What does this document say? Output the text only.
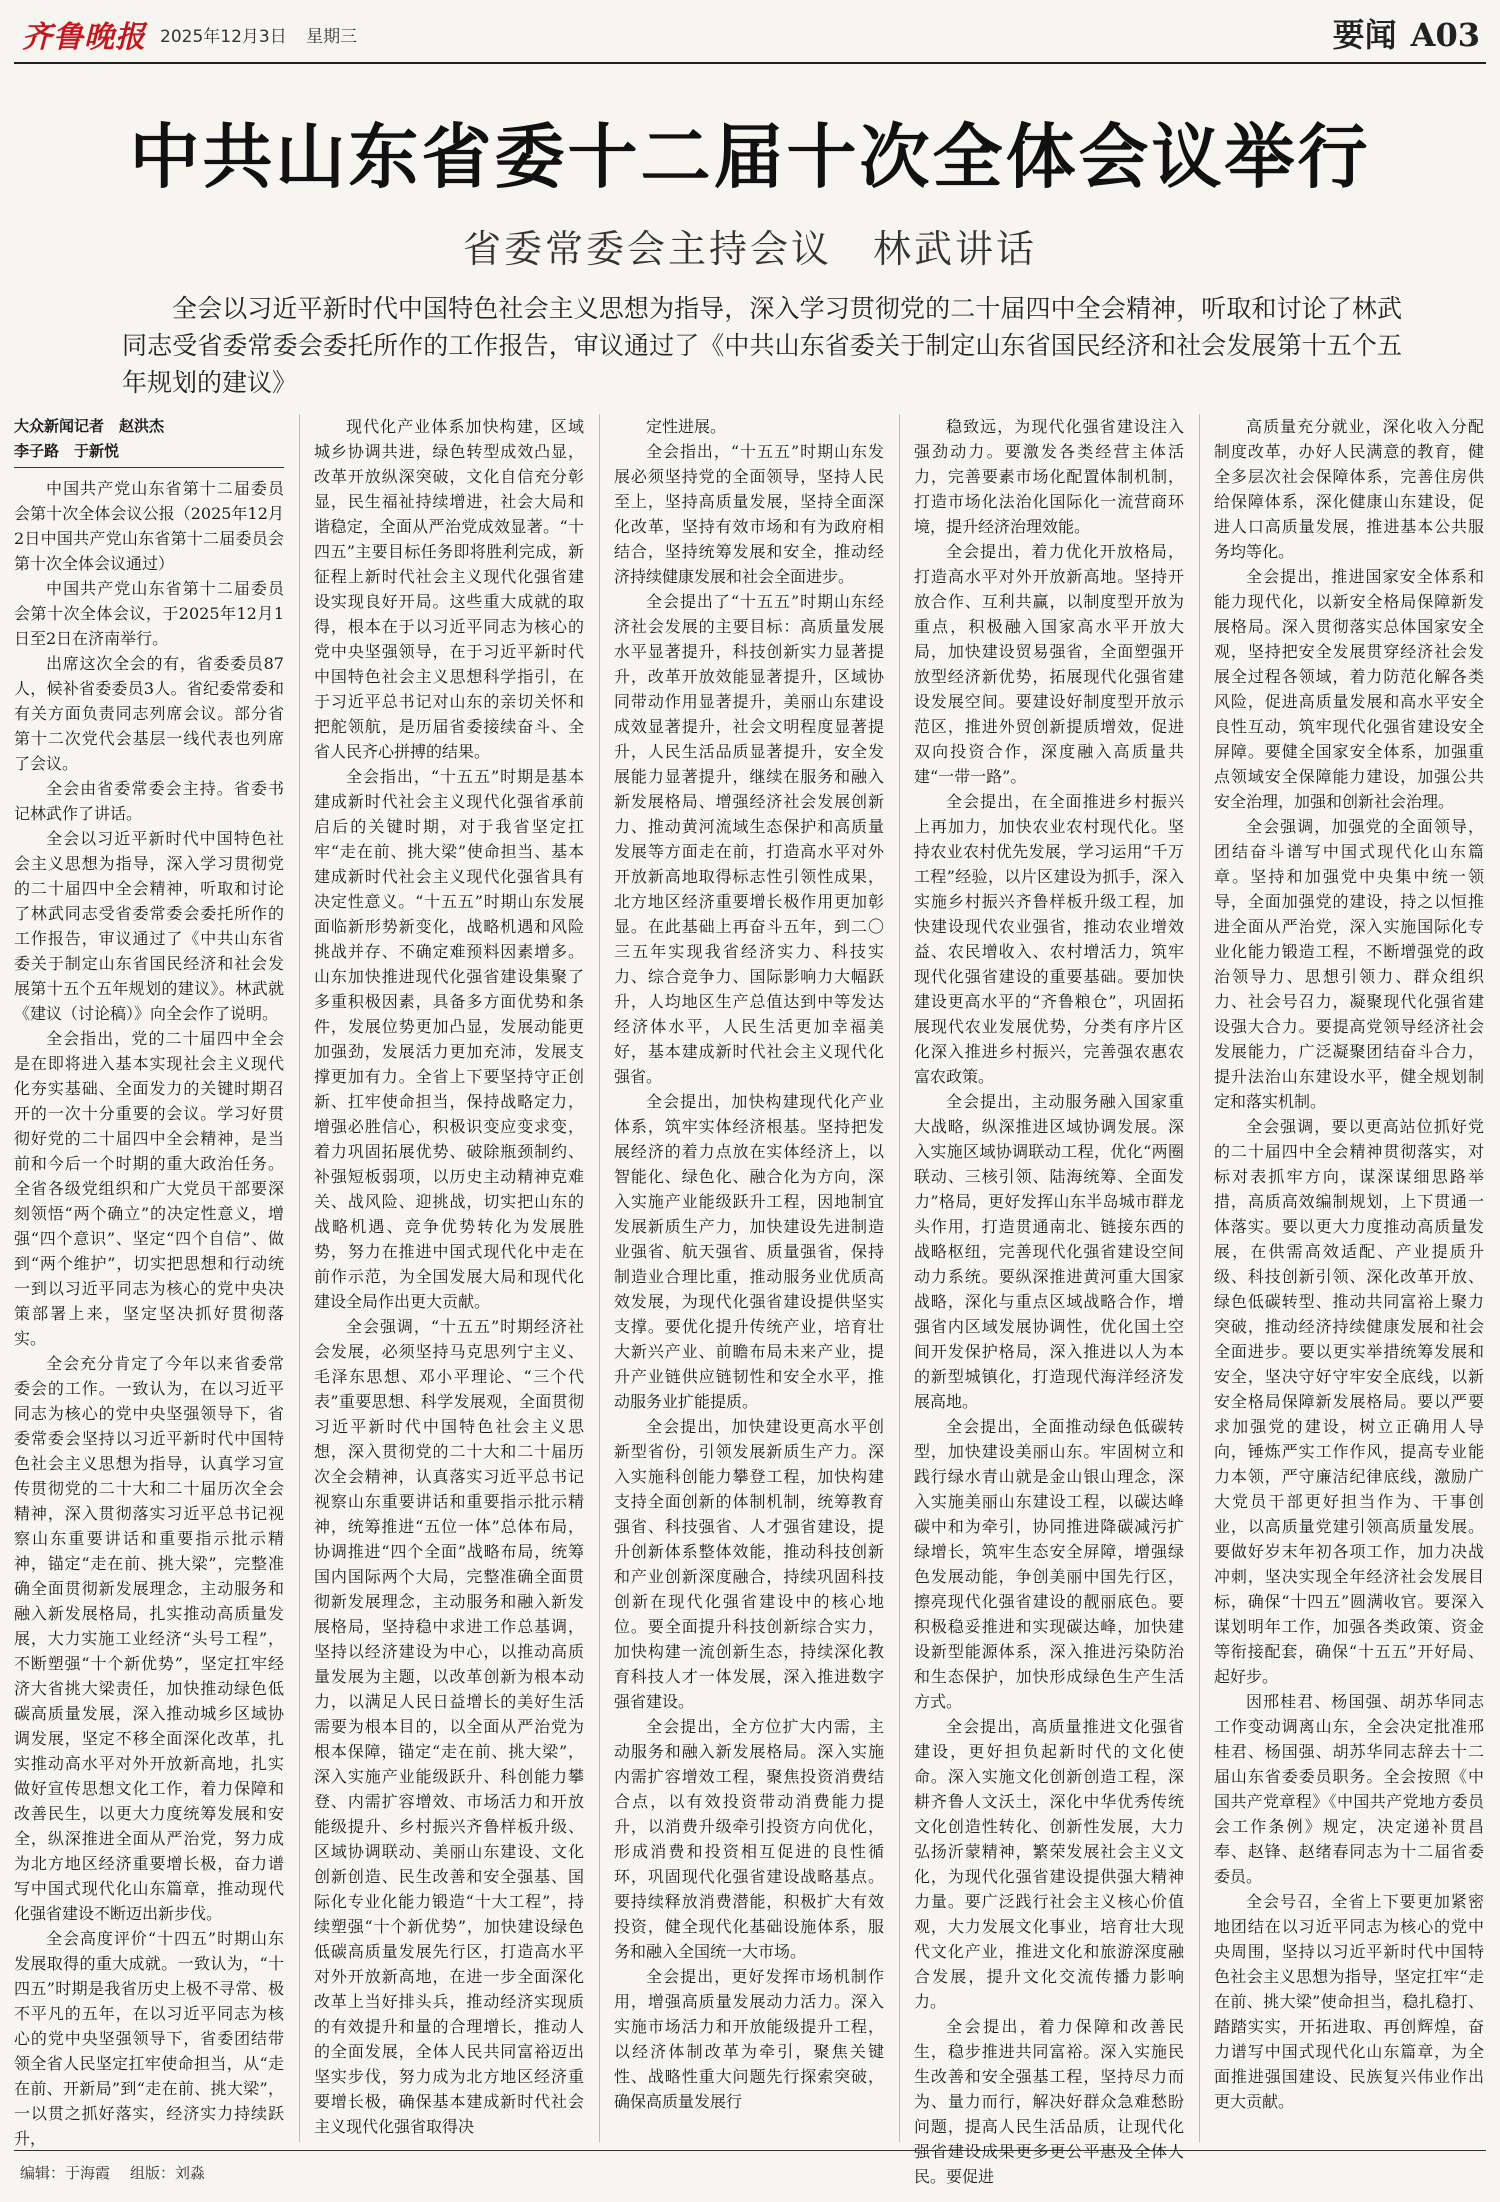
齐鲁晚报 2025年12月3日 星期三	要闻 A03
中共山东省委十二届十次全体会议举行
省委常委会主持会议　林武讲话
全会以习近平新时代中国特色社会主义思想为指导，深入学习贯彻党的二十届四中全会精神，听取和讨论了林武同志受省委常委会委托所作的工作报告，审议通过了《中共山东省委关于制定山东省国民经济和社会发展第十五个五年规划的建议》
大众新闻记者　赵洪杰
李子路　于新悦

中国共产党山东省第十二届委员会第十次全体会议公报（2025年12月2日中国共产党山东省第十二届委员会第十次全体会议通过）

中国共产党山东省第十二届委员会第十次全体会议，于2025年12月1日至2日在济南举行。

出席这次全会的有，省委委员87人，候补省委委员3人。省纪委常委和有关方面负责同志列席会议。部分省第十二次党代会基层一线代表也列席了会议。

全会由省委常委会主持。省委书记林武作了讲话。

全会以习近平新时代中国特色社会主义思想为指导，深入学习贯彻党的二十届四中全会精神，听取和讨论了林武同志受省委常委会委托所作的工作报告，审议通过了《中共山东省委关于制定山东省国民经济和社会发展第十五个五年规划的建议》。林武就《建议（讨论稿）》向全会作了说明。

全会指出，党的二十届四中全会是在即将进入基本实现社会主义现代化夯实基础、全面发力的关键时期召开的一次十分重要的会议。学习好贯彻好党的二十届四中全会精神，是当前和今后一个时期的重大政治任务。全省各级党组织和广大党员干部要深刻领悟“两个确立”的决定性意义，增强“四个意识”、坚定“四个自信”、做到“两个维护”，切实把思想和行动统一到以习近平同志为核心的党中央决策部署上来，坚定坚决抓好贯彻落实。

全会充分肯定了今年以来省委常委会的工作。一致认为，在以习近平同志为核心的党中央坚强领导下，省委常委会坚持以习近平新时代中国特色社会主义思想为指导，认真学习宣传贯彻党的二十大和二十届历次全会精神，深入贯彻落实习近平总书记视察山东重要讲话和重要指示批示精神，锚定“走在前、挑大梁”，完整准确全面贯彻新发展理念，主动服务和融入新发展格局，扎实推动高质量发展，大力实施工业经济“头号工程”，不断塑强“十个新优势”，坚定扛牢经济大省挑大梁责任，加快推动绿色低碳高质量发展，深入推动城乡区域协调发展，坚定不移全面深化改革，扎实推动高水平对外开放新高地，扎实做好宣传思想文化工作，着力保障和改善民生，以更大力度统筹发展和安全，纵深推进全面从严治党，努力成为北方地区经济重要增长极，奋力谱写中国式现代化山东篇章，推动现代化强省建设不断迈出新步伐。

全会高度评价“十四五”时期山东发展取得的重大成就。一致认为，“十四五”时期是我省历史上极不寻常、极不平凡的五年，在以习近平同志为核心的党中央坚强领导下，省委团结带领全省人民坚定扛牢使命担当，从“走在前、开新局”到“走在前、挑大梁”，一以贯之抓好落实，经济实力持续跃升，

现代化产业体系加快构建，区域城乡协调共进，绿色转型成效凸显，改革开放纵深突破，文化自信充分彰显，民生福祉持续增进，社会大局和谐稳定，全面从严治党成效显著。“十四五”主要目标任务即将胜利完成，新征程上新时代社会主义现代化强省建设实现良好开局。这些重大成就的取得，根本在于以习近平同志为核心的党中央坚强领导，在于习近平新时代中国特色社会主义思想科学指引，在于习近平总书记对山东的亲切关怀和把舵领航，是历届省委接续奋斗、全省人民齐心拼搏的结果。

全会指出，“十五五”时期是基本建成新时代社会主义现代化强省承前启后的关键时期，对于我省坚定扛牢“走在前、挑大梁”使命担当、基本建成新时代社会主义现代化强省具有决定性意义。“十五五”时期山东发展面临新形势新变化，战略机遇和风险挑战并存、不确定难预料因素增多。山东加快推进现代化强省建设集聚了多重积极因素，具备多方面优势和条件，发展位势更加凸显，发展动能更加强劲，发展活力更加充沛，发展支撑更加有力。全省上下要坚持守正创新、扛牢使命担当，保持战略定力，增强必胜信心，积极识变应变求变，着力巩固拓展优势、破除瓶颈制约、补强短板弱项，以历史主动精神克难关、战风险、迎挑战，切实把山东的战略机遇、竞争优势转化为发展胜势，努力在推进中国式现代化中走在前作示范，为全国发展大局和现代化建设全局作出更大贡献。

全会强调，“十五五”时期经济社会发展，必须坚持马克思列宁主义、毛泽东思想、邓小平理论、“三个代表”重要思想、科学发展观，全面贯彻习近平新时代中国特色社会主义思想，深入贯彻党的二十大和二十届历次全会精神，认真落实习近平总书记视察山东重要讲话和重要指示批示精神，统筹推进“五位一体”总体布局，协调推进“四个全面”战略布局，统筹国内国际两个大局，完整准确全面贯彻新发展理念，主动服务和融入新发展格局，坚持稳中求进工作总基调，坚持以经济建设为中心，以推动高质量发展为主题，以改革创新为根本动力，以满足人民日益增长的美好生活需要为根本目的，以全面从严治党为根本保障，锚定“走在前、挑大梁”，深入实施产业能级跃升、科创能力攀登、内需扩容增效、市场活力和开放能级提升、乡村振兴齐鲁样板升级、区域协调联动、美丽山东建设、文化创新创造、民生改善和安全强基、国际化专业化能力锻造“十大工程”，持续塑强“十个新优势”，加快建设绿色低碳高质量发展先行区，打造高水平对外开放新高地，在进一步全面深化改革上当好排头兵，推动经济实现质的有效提升和量的合理增长，推动人的全面发展，全体人民共同富裕迈出坚实步伐，努力成为北方地区经济重要增长极，确保基本建成新时代社会主义现代化强省取得决

定性进展。

全会指出，“十五五”时期山东发展必须坚持党的全面领导，坚持人民至上，坚持高质量发展，坚持全面深化改革，坚持有效市场和有为政府相结合，坚持统筹发展和安全，推动经济持续健康发展和社会全面进步。

全会提出了“十五五”时期山东经济社会发展的主要目标：高质量发展水平显著提升，科技创新实力显著提升，改革开放效能显著提升，区域协同带动作用显著提升，美丽山东建设成效显著提升，社会文明程度显著提升，人民生活品质显著提升，安全发展能力显著提升，继续在服务和融入新发展格局、增强经济社会发展创新力、推动黄河流域生态保护和高质量发展等方面走在前，打造高水平对外开放新高地取得标志性引领性成果，北方地区经济重要增长极作用更加彰显。在此基础上再奋斗五年，到二〇三五年实现我省经济实力、科技实力、综合竞争力、国际影响力大幅跃升，人均地区生产总值达到中等发达经济体水平，人民生活更加幸福美好，基本建成新时代社会主义现代化强省。

全会提出，加快构建现代化产业体系，筑牢实体经济根基。坚持把发展经济的着力点放在实体经济上，以智能化、绿色化、融合化为方向，深入实施产业能级跃升工程，因地制宜发展新质生产力，加快建设先进制造业强省、航天强省、质量强省，保持制造业合理比重，推动服务业优质高效发展，为现代化强省建设提供坚实支撑。要优化提升传统产业，培育壮大新兴产业、前瞻布局未来产业，提升产业链供应链韧性和安全水平，推动服务业扩能提质。

全会提出，加快建设更高水平创新型省份，引领发展新质生产力。深入实施科创能力攀登工程，加快构建支持全面创新的体制机制，统筹教育强省、科技强省、人才强省建设，提升创新体系整体效能，推动科技创新和产业创新深度融合，持续巩固科技创新在现代化强省建设中的核心地位。要全面提升科技创新综合实力，加快构建一流创新生态，持续深化教育科技人才一体发展，深入推进数字强省建设。

全会提出，全方位扩大内需，主动服务和融入新发展格局。深入实施内需扩容增效工程，聚焦投资消费结合点，以有效投资带动消费能力提升，以消费升级牵引投资方向优化，形成消费和投资相互促进的良性循环，巩固现代化强省建设战略基点。要持续释放消费潜能，积极扩大有效投资，健全现代化基础设施体系，服务和融入全国统一大市场。

全会提出，更好发挥市场机制作用，增强高质量发展动力活力。深入实施市场活力和开放能级提升工程，以经济体制改革为牵引，聚焦关键性、战略性重大问题先行探索突破，确保高质量发展行

稳致远，为现代化强省建设注入强劲动力。要激发各类经营主体活力，完善要素市场化配置体制机制，打造市场化法治化国际化一流营商环境，提升经济治理效能。

全会提出，着力优化开放格局，打造高水平对外开放新高地。坚持开放合作、互利共赢，以制度型开放为重点，积极融入国家高水平开放大局，加快建设贸易强省，全面塑强开放型经济新优势，拓展现代化强省建设发展空间。要建设好制度型开放示范区，推进外贸创新提质增效，促进双向投资合作，深度融入高质量共建“一带一路”。

全会提出，在全面推进乡村振兴上再加力，加快农业农村现代化。坚持农业农村优先发展，学习运用“千万工程”经验，以片区建设为抓手，深入实施乡村振兴齐鲁样板升级工程，加快建设现代农业强省，推动农业增效益、农民增收入、农村增活力，筑牢现代化强省建设的重要基础。要加快建设更高水平的“齐鲁粮仓”，巩固拓展现代农业发展优势，分类有序片区化深入推进乡村振兴，完善强农惠农富农政策。

全会提出，主动服务融入国家重大战略，纵深推进区域协调发展。深入实施区域协调联动工程，优化“两圈联动、三核引领、陆海统筹、全面发力”格局，更好发挥山东半岛城市群龙头作用，打造贯通南北、链接东西的战略枢纽，完善现代化强省建设空间动力系统。要纵深推进黄河重大国家战略，深化与重点区域战略合作，增强省内区域发展协调性，优化国土空间开发保护格局，深入推进以人为本的新型城镇化，打造现代海洋经济发展高地。

全会提出，全面推动绿色低碳转型，加快建设美丽山东。牢固树立和践行绿水青山就是金山银山理念，深入实施美丽山东建设工程，以碳达峰碳中和为牵引，协同推进降碳减污扩绿增长，筑牢生态安全屏障，增强绿色发展动能，争创美丽中国先行区，擦亮现代化强省建设的靓丽底色。要积极稳妥推进和实现碳达峰，加快建设新型能源体系，深入推进污染防治和生态保护，加快形成绿色生产生活方式。

全会提出，高质量推进文化强省建设，更好担负起新时代的文化使命。深入实施文化创新创造工程，深耕齐鲁人文沃土，深化中华优秀传统文化创造性转化、创新性发展，大力弘扬沂蒙精神，繁荣发展社会主义文化，为现代化强省建设提供强大精神力量。要广泛践行社会主义核心价值观，大力发展文化事业，培育壮大现代文化产业，推进文化和旅游深度融合发展，提升文化交流传播力影响力。

全会提出，着力保障和改善民生，稳步推进共同富裕。深入实施民生改善和安全强基工程，坚持尽力而为、量力而行，解决好群众急难愁盼问题，提高人民生活品质，让现代化强省建设成果更多更公平惠及全体人民。要促进

高质量充分就业，深化收入分配制度改革，办好人民满意的教育，健全多层次社会保障体系，完善住房供给保障体系，深化健康山东建设，促进人口高质量发展，推进基本公共服务均等化。

全会提出，推进国家安全体系和能力现代化，以新安全格局保障新发展格局。深入贯彻落实总体国家安全观，坚持把安全发展贯穿经济社会发展全过程各领域，着力防范化解各类风险，促进高质量发展和高水平安全良性互动，筑牢现代化强省建设安全屏障。要健全国家安全体系，加强重点领域安全保障能力建设，加强公共安全治理，加强和创新社会治理。

全会强调，加强党的全面领导，团结奋斗谱写中国式现代化山东篇章。坚持和加强党中央集中统一领导，全面加强党的建设，持之以恒推进全面从严治党，深入实施国际化专业化能力锻造工程，不断增强党的政治领导力、思想引领力、群众组织力、社会号召力，凝聚现代化强省建设强大合力。要提高党领导经济社会发展能力，广泛凝聚团结奋斗合力，提升法治山东建设水平，健全规划制定和落实机制。

全会强调，要以更高站位抓好党的二十届四中全会精神贯彻落实，对标对表抓牢方向，谋深谋细思路举措，高质高效编制规划，上下贯通一体落实。要以更大力度推动高质量发展，在供需高效适配、产业提质升级、科技创新引领、深化改革开放、绿色低碳转型、推动共同富裕上聚力突破，推动经济持续健康发展和社会全面进步。要以更实举措统筹发展和安全，坚决守好守牢安全底线，以新安全格局保障新发展格局。要以严要求加强党的建设，树立正确用人导向，锤炼严实工作作风，提高专业能力本领，严守廉洁纪律底线，激励广大党员干部更好担当作为、干事创业，以高质量党建引领高质量发展。要做好岁末年初各项工作，加力决战冲刺，坚决实现全年经济社会发展目标，确保“十四五”圆满收官。要深入谋划明年工作，加强各类政策、资金等衔接配套，确保“十五五”开好局、起好步。

因邢桂君、杨国强、胡苏华同志工作变动调离山东，全会决定批准邢桂君、杨国强、胡苏华同志辞去十二届山东省委委员职务。全会按照《中国共产党章程》《中国共产党地方委员会工作条例》规定，决定递补贯昌奉、赵锋、赵绪春同志为十二届省委委员。

全会号召，全省上下要更加紧密地团结在以习近平同志为核心的党中央周围，坚持以习近平新时代中国特色社会主义思想为指导，坚定扛牢“走在前、挑大梁”使命担当，稳扎稳打、踏踏实实，开拓进取、再创辉煌，奋力谱写中国式现代化山东篇章，为全面推进强国建设、民族复兴伟业作出更大贡献。

编辑：于海霞 组版：刘淼
